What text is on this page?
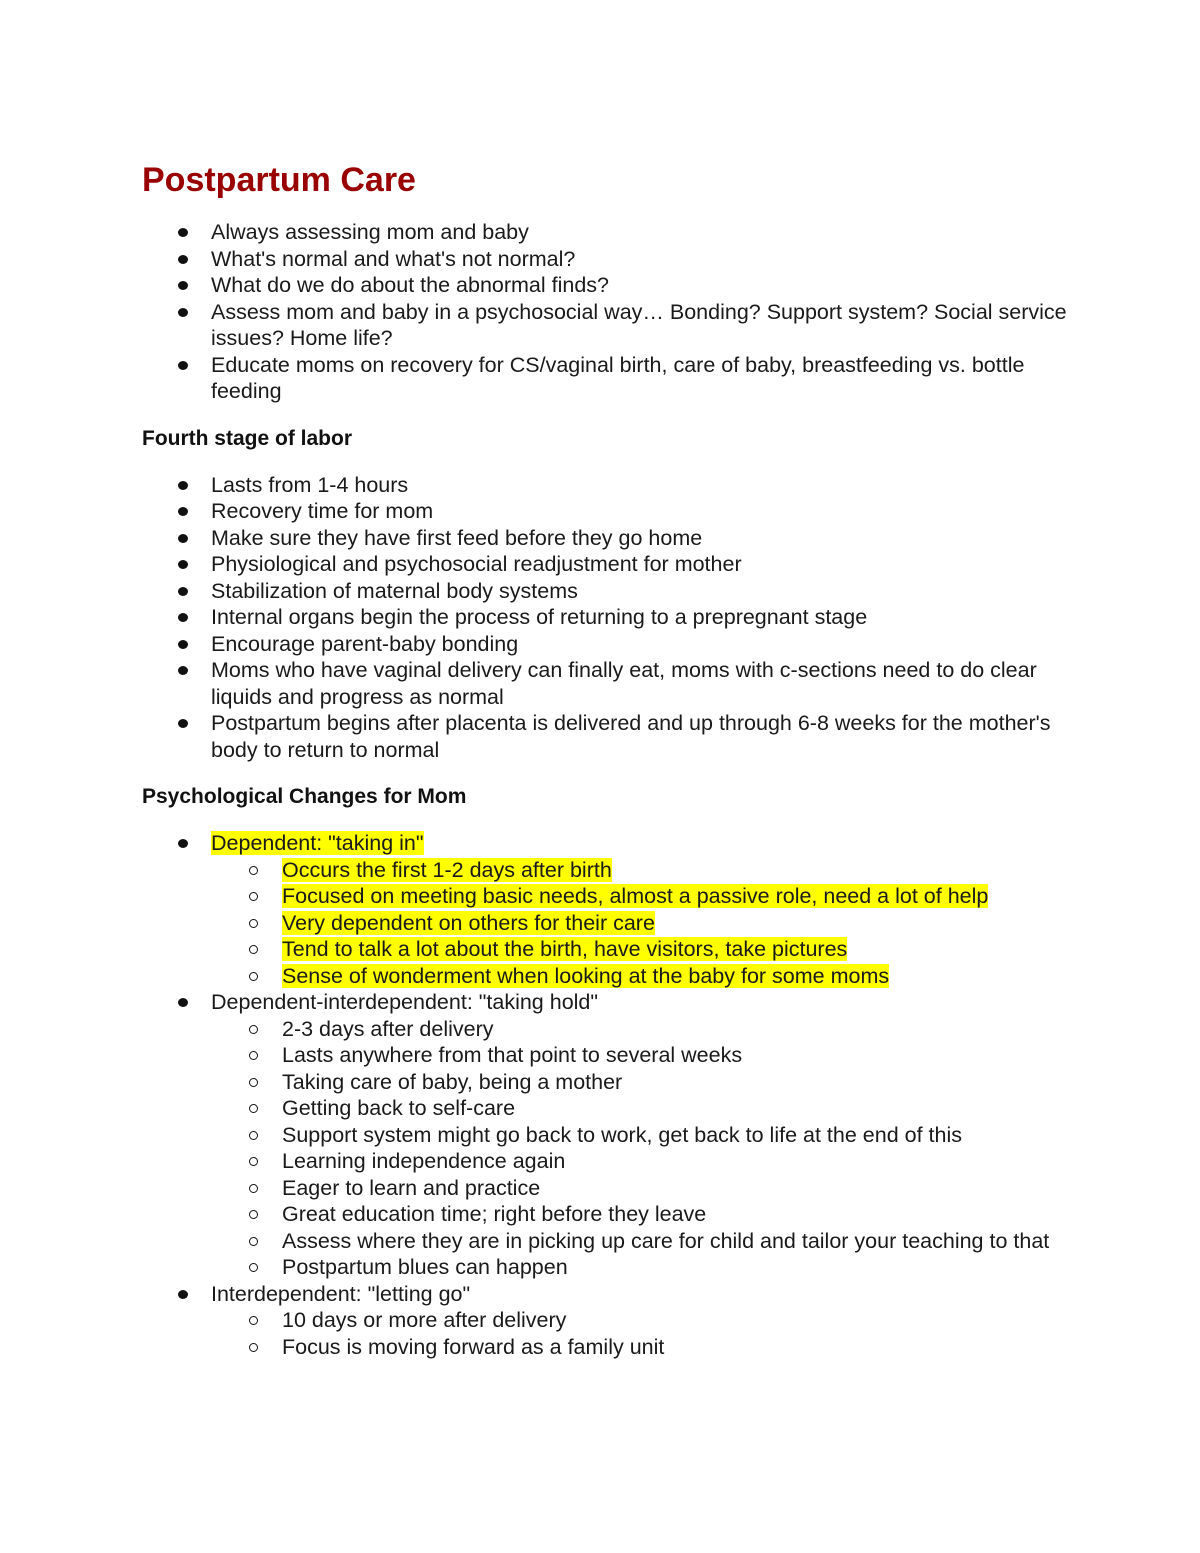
Postpartum Care
Always assessing mom and baby
What's normal and what's not normal?
What do we do about the abnormal finds?
Assess mom and baby in a psychosocial way… Bonding? Support system? Social service issues? Home life?
Educate moms on recovery for CS/vaginal birth, care of baby, breastfeeding vs. bottle feeding
Fourth stage of labor
Lasts from 1-4 hours
Recovery time for mom
Make sure they have first feed before they go home
Physiological and psychosocial readjustment for mother
Stabilization of maternal body systems
Internal organs begin the process of returning to a prepregnant stage
Encourage parent-baby bonding
Moms who have vaginal delivery can finally eat, moms with c-sections need to do clear liquids and progress as normal
Postpartum begins after placenta is delivered and up through 6-8 weeks for the mother's body to return to normal
Psychological Changes for Mom
Dependent: "taking in"
Occurs the first 1-2 days after birth
Focused on meeting basic needs, almost a passive role, need a lot of help
Very dependent on others for their care
Tend to talk a lot about the birth, have visitors, take pictures
Sense of wonderment when looking at the baby for some moms
Dependent-interdependent: "taking hold"
2-3 days after delivery
Lasts anywhere from that point to several weeks
Taking care of baby, being a mother
Getting back to self-care
Support system might go back to work, get back to life at the end of this
Learning independence again
Eager to learn and practice
Great education time; right before they leave
Assess where they are in picking up care for child and tailor your teaching to that
Postpartum blues can happen
Interdependent: "letting go"
10 days or more after delivery
Focus is moving forward as a family unit
